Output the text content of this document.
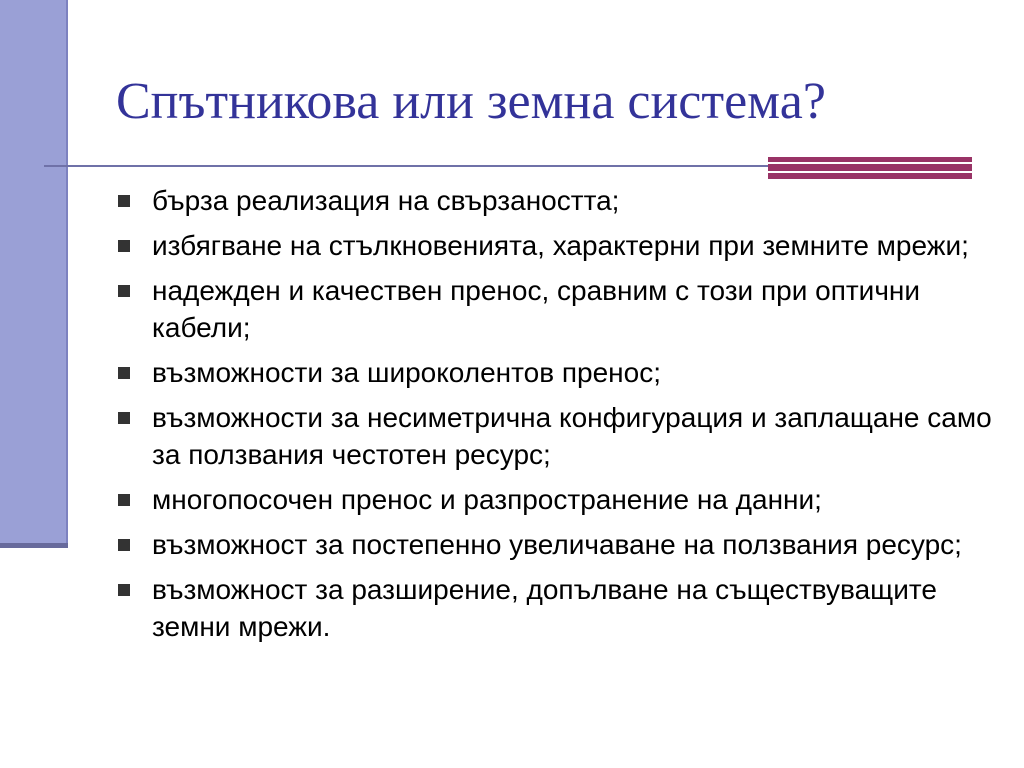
Спътникова или земна система?
бърза реализация на свързаността;
избягване на стълкновенията, характерни при земните мрежи;
надежден и качествен пренос, сравним с този при оптични кабели;
възможности за широколентов пренос;
възможности за несиметрична конфигурация и заплащане само за ползвания честотен ресурс;
многопосочен пренос и разпространение на данни;
възможност за постепенно увеличаване на ползвания ресурс;
възможност за разширение, допълване на съществуващите земни мрежи.
